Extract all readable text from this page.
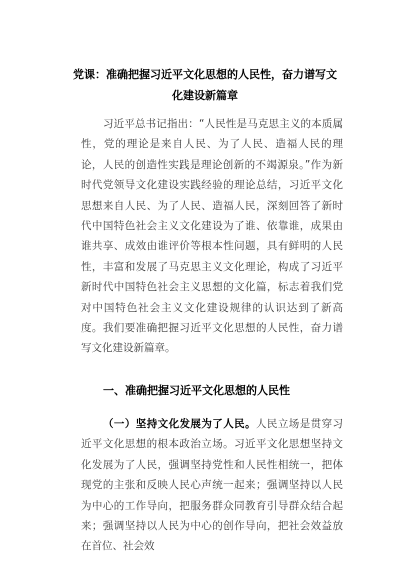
党课：准确把握习近平文化思想的人民性，奋力谱写文化建设新篇章

习近平总书记指出：“人民性是马克思主义的本质属性，党的理论是来自人民、为了人民、造福人民的理论，人民的创造性实践是理论创新的不竭源泉。”作为新时代党领导文化建设实践经验的理论总结，习近平文化思想来自人民、为了人民、造福人民，深刻回答了新时代中国特色社会主义文化建设为了谁、依靠谁，成果由谁共享、成效由谁评价等根本性问题，具有鲜明的人民性，丰富和发展了马克思主义文化理论，构成了习近平新时代中国特色社会主义思想的文化篇，标志着我们党对中国特色社会主义文化建设规律的认识达到了新高度。我们要准确把握习近平文化思想的人民性，奋力谱写文化建设新篇章。

一、准确把握习近平文化思想的人民性

（一）坚持文化发展为了人民。人民立场是贯穿习近平文化思想的根本政治立场。习近平文化思想坚持文化发展为了人民，强调坚持党性和人民性相统一，把体现党的主张和反映人民心声统一起来；强调坚持以人民为中心的工作导向，把服务群众同教育引导群众结合起来；强调坚持以人民为中心的创作导向，把社会效益放在首位、社会效
